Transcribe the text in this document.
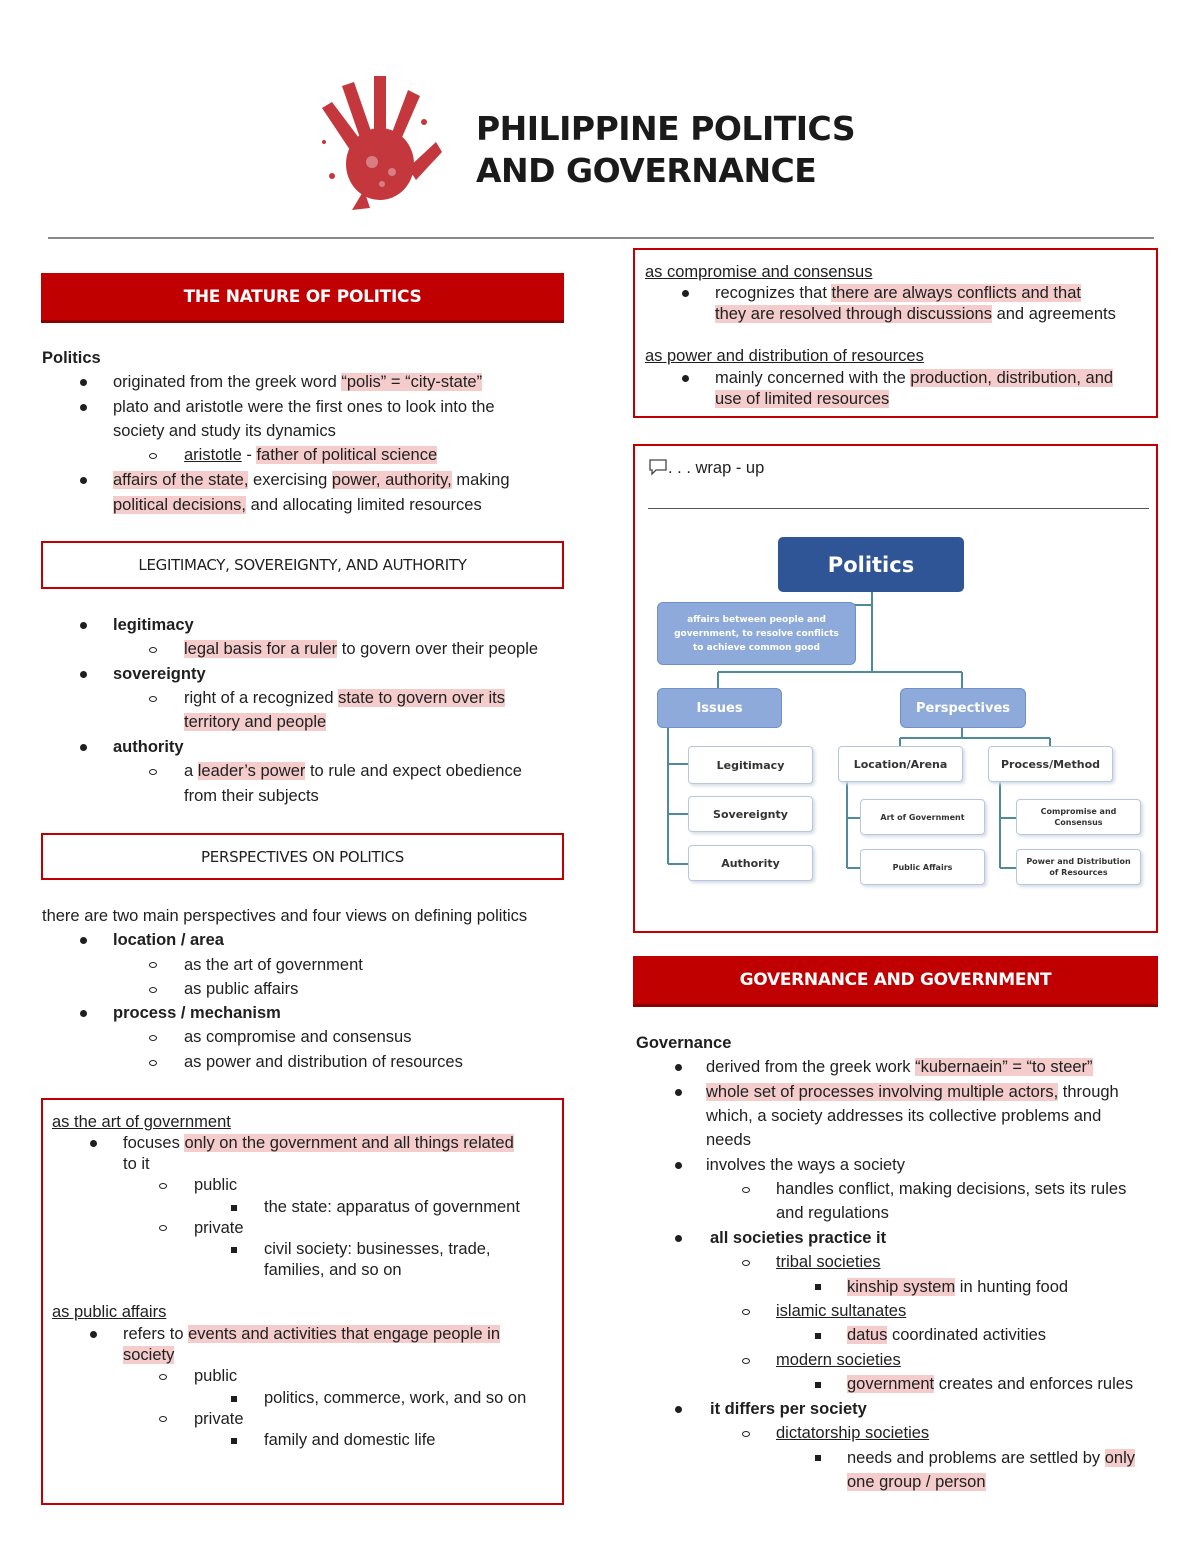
PHILIPPINE POLITICS
AND GOVERNANCE
THE NATURE OF POLITICS
Politics
originated from the greek word “polis” = “city-state”
plato and aristotle were the first ones to look into the
society and study its dynamics
aristotle - father of political science
affairs of the state, exercising power, authority, making
political decisions, and allocating limited resources
LEGITIMACY, SOVEREIGNTY, AND AUTHORITY
legitimacy
legal basis for a ruler to govern over their people
sovereignty
right of a recognized state to govern over its
territory and people
authority
a leader’s power to rule and expect obedience
from their subjects
PERSPECTIVES ON POLITICS
there are two main perspectives and four views on defining politics
location / area
as the art of government
as public affairs
process / mechanism
as compromise and consensus
as power and distribution of resources
as the art of government
focuses only on the government and all things related
to it
public
the state: apparatus of government
private
civil society: businesses, trade,
families, and so on
as public affairs
refers to events and activities that engage people in
society
public
politics, commerce, work, and so on
private
family and domestic life
as compromise and consensus
recognizes that there are always conflicts and that
they are resolved through discussions and agreements
as power and distribution of resources
mainly concerned with the production, distribution, and
use of limited resources
. . . wrap - up
Politics
affairs between people and government, to resolve conflicts to achieve common good
Issues	Perspectives
Legitimacy
Sovereignty
Authority
Location/Arena	Process/Method
Art of Government
Public Affairs
Compromise and Consensus
Power and Distribution of Resources
GOVERNANCE AND GOVERNMENT
Governance
derived from the greek work “kubernaein” = “to steer”
whole set of processes involving multiple actors, through
which, a society addresses its collective problems and
needs
involves the ways a society
handles conflict, making decisions, sets its rules
and regulations
all societies practice it
tribal societies
kinship system in hunting food
islamic sultanates
datus coordinated activities
modern societies
government creates and enforces rules
it differs per society
dictatorship societies
needs and problems are settled by only
one group / person
